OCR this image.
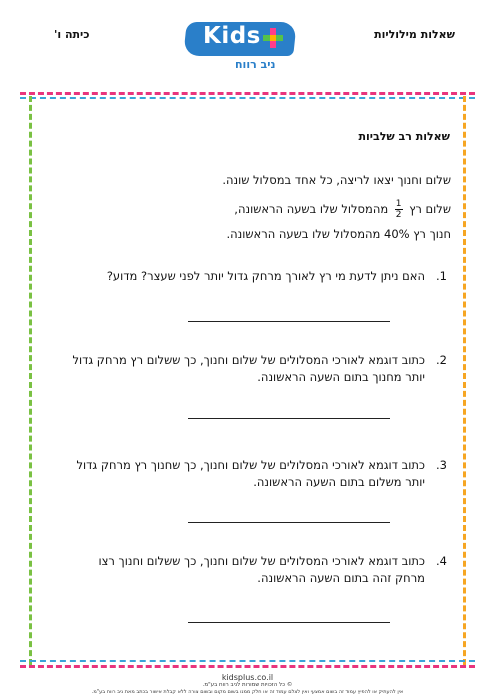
כיתה ו'	שאלות מילוליות
Kids
ניב רווח

שאלות רב שלביות

שלום וחנוך יצאו לריצה, כל אחד במסלול שונה.
שלום רץ
$\frac{1}{2}$
מהמסלול שלו בשעה הראשונה,
חנוך רץ 40% מהמסלול שלו בשעה הראשונה.
1.
האם ניתן לדעת מי רץ לאורך מרחק גדול יותר לפני שעצר? מדוע?
2.
כתוב דוגמא לאורכי המסלולים של שלום וחנוך, כך ששלום רץ מרחק גדול יותר מחנוך בתום השעה הראשונה.
3.
כתוב דוגמא לאורכי המסלולים של שלום וחנוך, כך שחנוך רץ מרחק גדול יותר משלום בתום השעה הראשונה.
4.
כתוב דוגמא לאורכי המסלולים של שלום וחנוך, כך ששלום וחנוך רצו מרחק זהה בתום השעה הראשונה.
kidsplus.co.il
© כל הזכויות שמורות לניב רווח בע"מ.
אין להעתיק או להפיץ עמוד זה בשום אמצעי ואין לצלם עמוד זה או חלק ממנו בשום מקום ובשום צורה ללא קבלת אישור בכתב מאת ניב רווח בע"מ.
